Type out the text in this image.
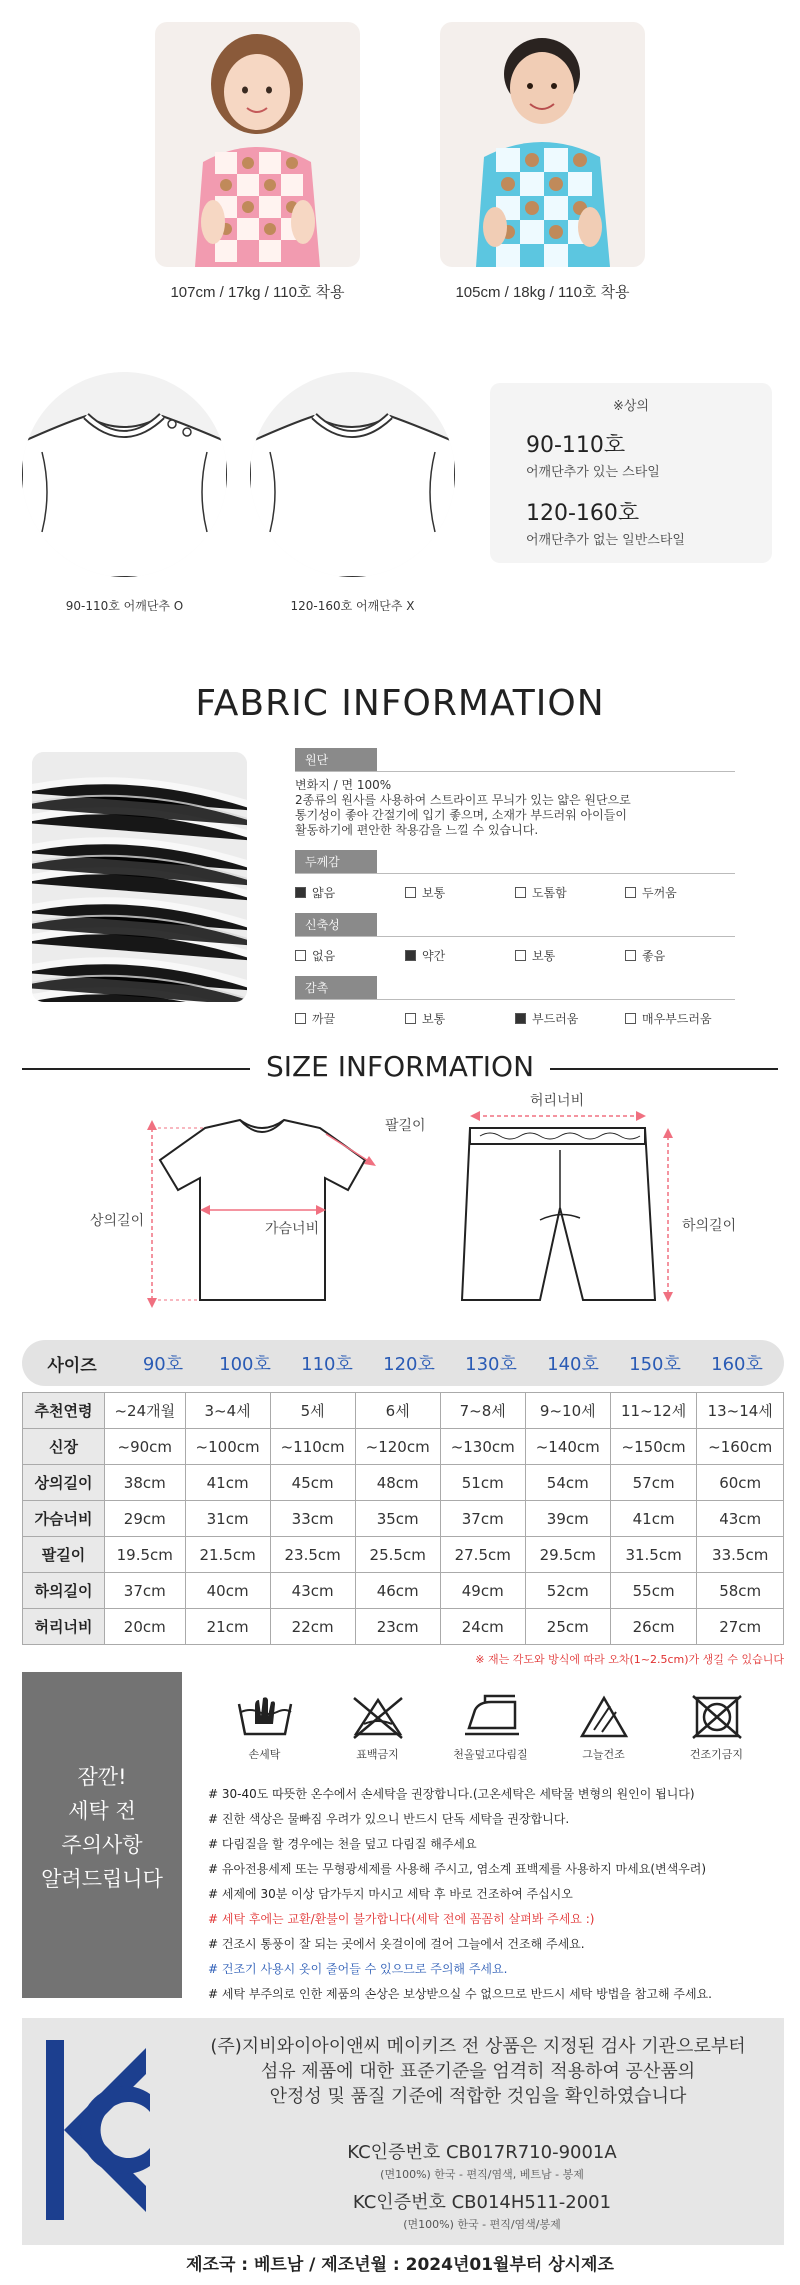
107cm / 17kg / 110호 착용	105cm / 18kg / 110호 착용
90-110호 어깨단추 O	120-160호 어깨단추 X
※상의
90-110호
어깨단추가 있는 스타일
120-160호
어깨단추가 없는 일반스타일
FABRIC INFORMATION
원단
변화지 / 면 100%
2종류의 원사를 사용하여 스트라이프 무늬가 있는 얇은 원단으로
통기성이 좋아 간절기에 입기 좋으며, 소재가 부드러워 아이들이
활동하기에 편안한 착용감을 느낄 수 있습니다.
두께감
얇음	보통	도톰함	두꺼움
신축성
없음	약간	보통	좋음
감촉
까끌	보통	부드러움	매우부드러움
SIZE INFORMATION
팔길이
상의길이	가슴너비
허리너비
하의길이
사이즈	90호	100호	110호	120호	130호	140호	150호	160호
추천연령	~24개월	3~4세	5세	6세	7~8세	9~10세	11~12세	13~14세
신장	~90cm	~100cm	~110cm	~120cm	~130cm	~140cm	~150cm	~160cm
상의길이	38cm	41cm	45cm	48cm	51cm	54cm	57cm	60cm
가슴너비	29cm	31cm	33cm	35cm	37cm	39cm	41cm	43cm
팔길이	19.5cm	21.5cm	23.5cm	25.5cm	27.5cm	29.5cm	31.5cm	33.5cm
하의길이	37cm	40cm	43cm	46cm	49cm	52cm	55cm	58cm
허리너비	20cm	21cm	22cm	23cm	24cm	25cm	26cm	27cm
※ 재는 각도와 방식에 따라 오차(1~2.5cm)가 생길 수 있습니다
잠깐!
세탁 전
주의사항
알려드립니다
손세탁	표백금지	천올덮고다림질	그늘건조	건조기금지
# 30-40도 따뜻한 온수에서 손세탁을 권장합니다.(고온세탁은 세탁물 변형의 원인이 됩니다)
# 진한 색상은 물빠짐 우려가 있으니 반드시 단독 세탁을 권장합니다.
# 다림질을 할 경우에는 천을 덮고 다림질 해주세요
# 유아전용세제 또는 무형광세제를 사용해 주시고, 염소계 표백제를 사용하지 마세요(변색우려)
# 세제에 30분 이상 담가두지 마시고 세탁 후 바로 건조하여 주십시오
# 세탁 후에는 교환/환불이 불가합니다(세탁 전에 꼼꼼히 살펴봐 주세요 :)
# 건조시 통풍이 잘 되는 곳에서 옷걸이에 걸어 그늘에서 건조해 주세요.
# 건조기 사용시 옷이 줄어들 수 있으므로 주의해 주세요.
# 세탁 부주의로 인한 제품의 손상은 보상받으실 수 없으므로 반드시 세탁 방법을 참고해 주세요.
(주)지비와이아이앤씨 메이키즈 전 상품은 지정된 검사 기관으로부터
섬유 제품에 대한 표준기준을 엄격히 적용하여 공산품의
안정성 및 품질 기준에 적합한 것임을 확인하였습니다
KC인증번호 CB017R710-9001A
(면100%) 한국 - 편직/염색, 베트남 - 봉제
KC인증번호 CB014H511-2001
(면100%) 한국 - 편직/염색/봉제
제조국 : 베트남 / 제조년월 : 2024년01월부터 상시제조
